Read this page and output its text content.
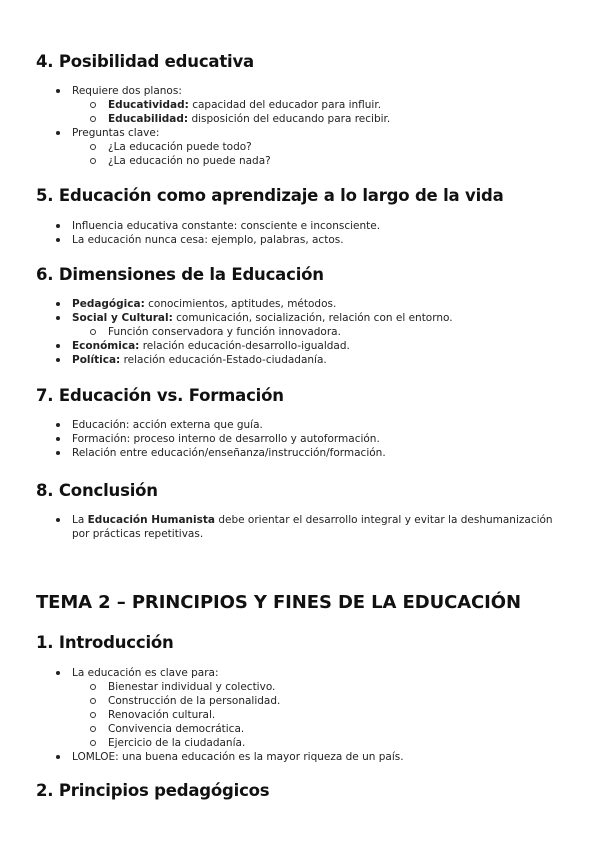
4. Posibilidad educativa
Requiere dos planos:
Educatividad: capacidad del educador para influir.
Educabilidad: disposición del educando para recibir.
Preguntas clave:
¿La educación puede todo?
¿La educación no puede nada?
5. Educación como aprendizaje a lo largo de la vida
Influencia educativa constante: consciente e inconsciente.
La educación nunca cesa: ejemplo, palabras, actos.
6. Dimensiones de la Educación
Pedagógica: conocimientos, aptitudes, métodos.
Social y Cultural: comunicación, socialización, relación con el entorno.
Función conservadora y función innovadora.
Económica: relación educación-desarrollo-igualdad.
Política: relación educación-Estado-ciudadanía.
7. Educación vs. Formación
Educación: acción externa que guía.
Formación: proceso interno de desarrollo y autoformación.
Relación entre educación/enseñanza/instrucción/formación.
8. Conclusión
La Educación Humanista debe orientar el desarrollo integral y evitar la deshumanización
por prácticas repetitivas.
TEMA 2 – PRINCIPIOS Y FINES DE LA EDUCACIÓN
1. Introducción
La educación es clave para:
Bienestar individual y colectivo.
Construcción de la personalidad.
Renovación cultural.
Convivencia democrática.
Ejercicio de la ciudadanía.
LOMLOE: una buena educación es la mayor riqueza de un país.
2. Principios pedagógicos
